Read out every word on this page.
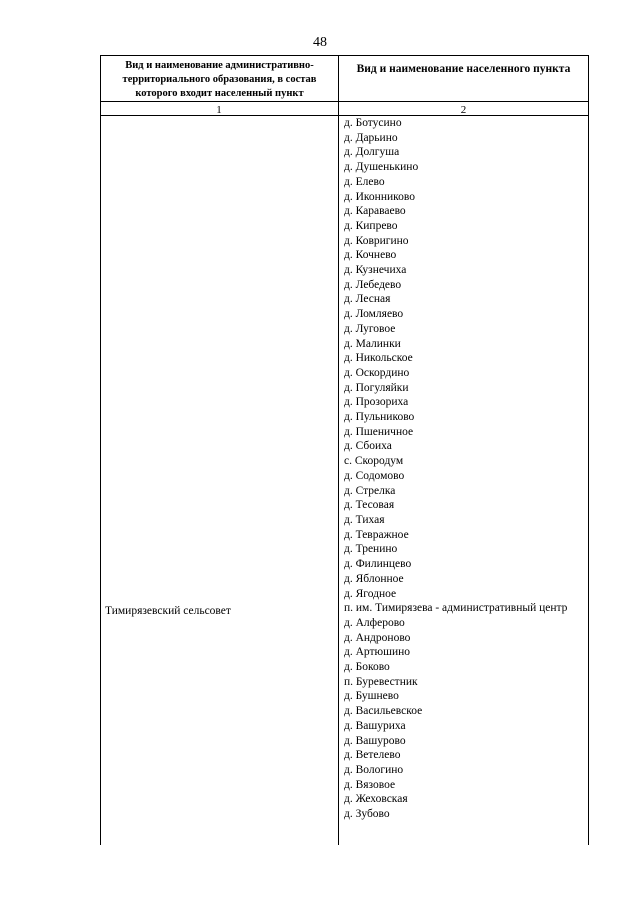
48
Вид и наименование административно-территориального образования, в состав которого входит населенный пункт
Вид и наименование населенного пункта
1	2
Тимирязевский сельсовет
д. Ботусино
д. Дарьино
д. Долгуша
д. Душенькино
д. Елево
д. Иконниково
д. Караваево
д. Кипрево
д. Ковригино
д. Кочнево
д. Кузнечиха
д. Лебедево
д. Лесная
д. Ломляево
д. Луговое
д. Малинки
д. Никольское
д. Оскордино
д. Погуляйки
д. Прозориха
д. Пульниково
д. Пшеничное
д. Сбоиха
с. Скородум
д. Содомово
д. Стрелка
д. Тесовая
д. Тихая
д. Тевражное
д. Тренино
д. Филинцево
д. Яблонное
д. Ягодное
п. им. Тимирязева - административный центр
д. Алферово
д. Андроново
д. Артюшино
д. Боково
п. Буревестник
д. Бушнево
д. Васильевское
д. Вашуриха
д. Вашурово
д. Ветелево
д. Вологино
д. Вязовое
д. Жеховская
д. Зубово
